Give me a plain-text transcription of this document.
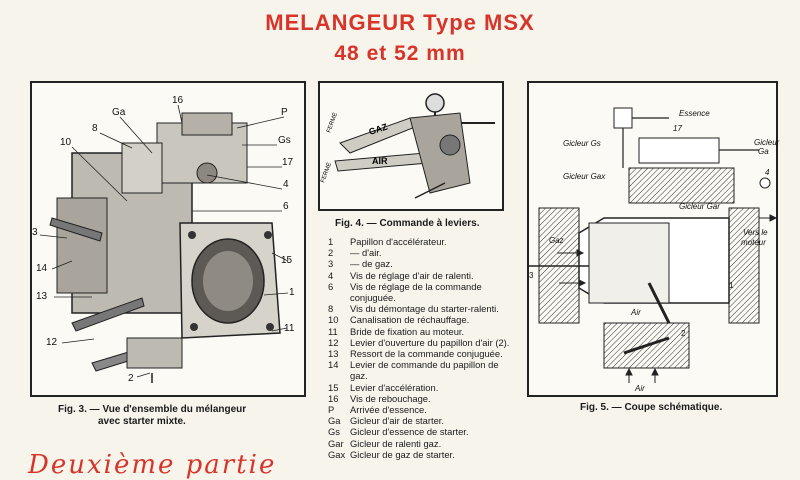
MELANGEUR Type MSX
48 et 52 mm
Ga
16
P
8
Gs
10
17
4
6
3
14
15
13	1
11
12
2
Fig. 3. — Vue d'ensemble du mélangeur
avec starter mixte.
GAZ
AIR
FERMÉ
FERMÉ
Fig. 4. — Commande à leviers.
1	Papillon d'accélérateur.
2	— d'air.
3	— de gaz.
4	Vis de réglage d'air de ralenti.
6	Vis de réglage de la commande conjuguée.
8	Vis du démontage du starter-ralenti.
10	Canalisation de réchauffage.
11	Bride de fixation au moteur.
12	Levier d'ouverture du papillon d'air (2).
13	Ressort de la commande conjuguée.
14	Levier de commande du papillon de gaz.
15	Levier d'accélération.
16	Vis de rebouchage.
P	Arrivée d'essence.
Ga	Gicleur d'air de starter.
Gs	Gicleur d'essence de starter.
Gar Gicleur de ralenti gaz.
Gax Gicleur de gaz de starter.
Essence
17
Gicleur Gs	Gicleur
Ga
Gicleur Gax
Gicleur Gar
4
Vers le
moteur
Gaz
3
1
2
Air
Air
Fig. 5. — Coupe schématique.
Deuxième partie
